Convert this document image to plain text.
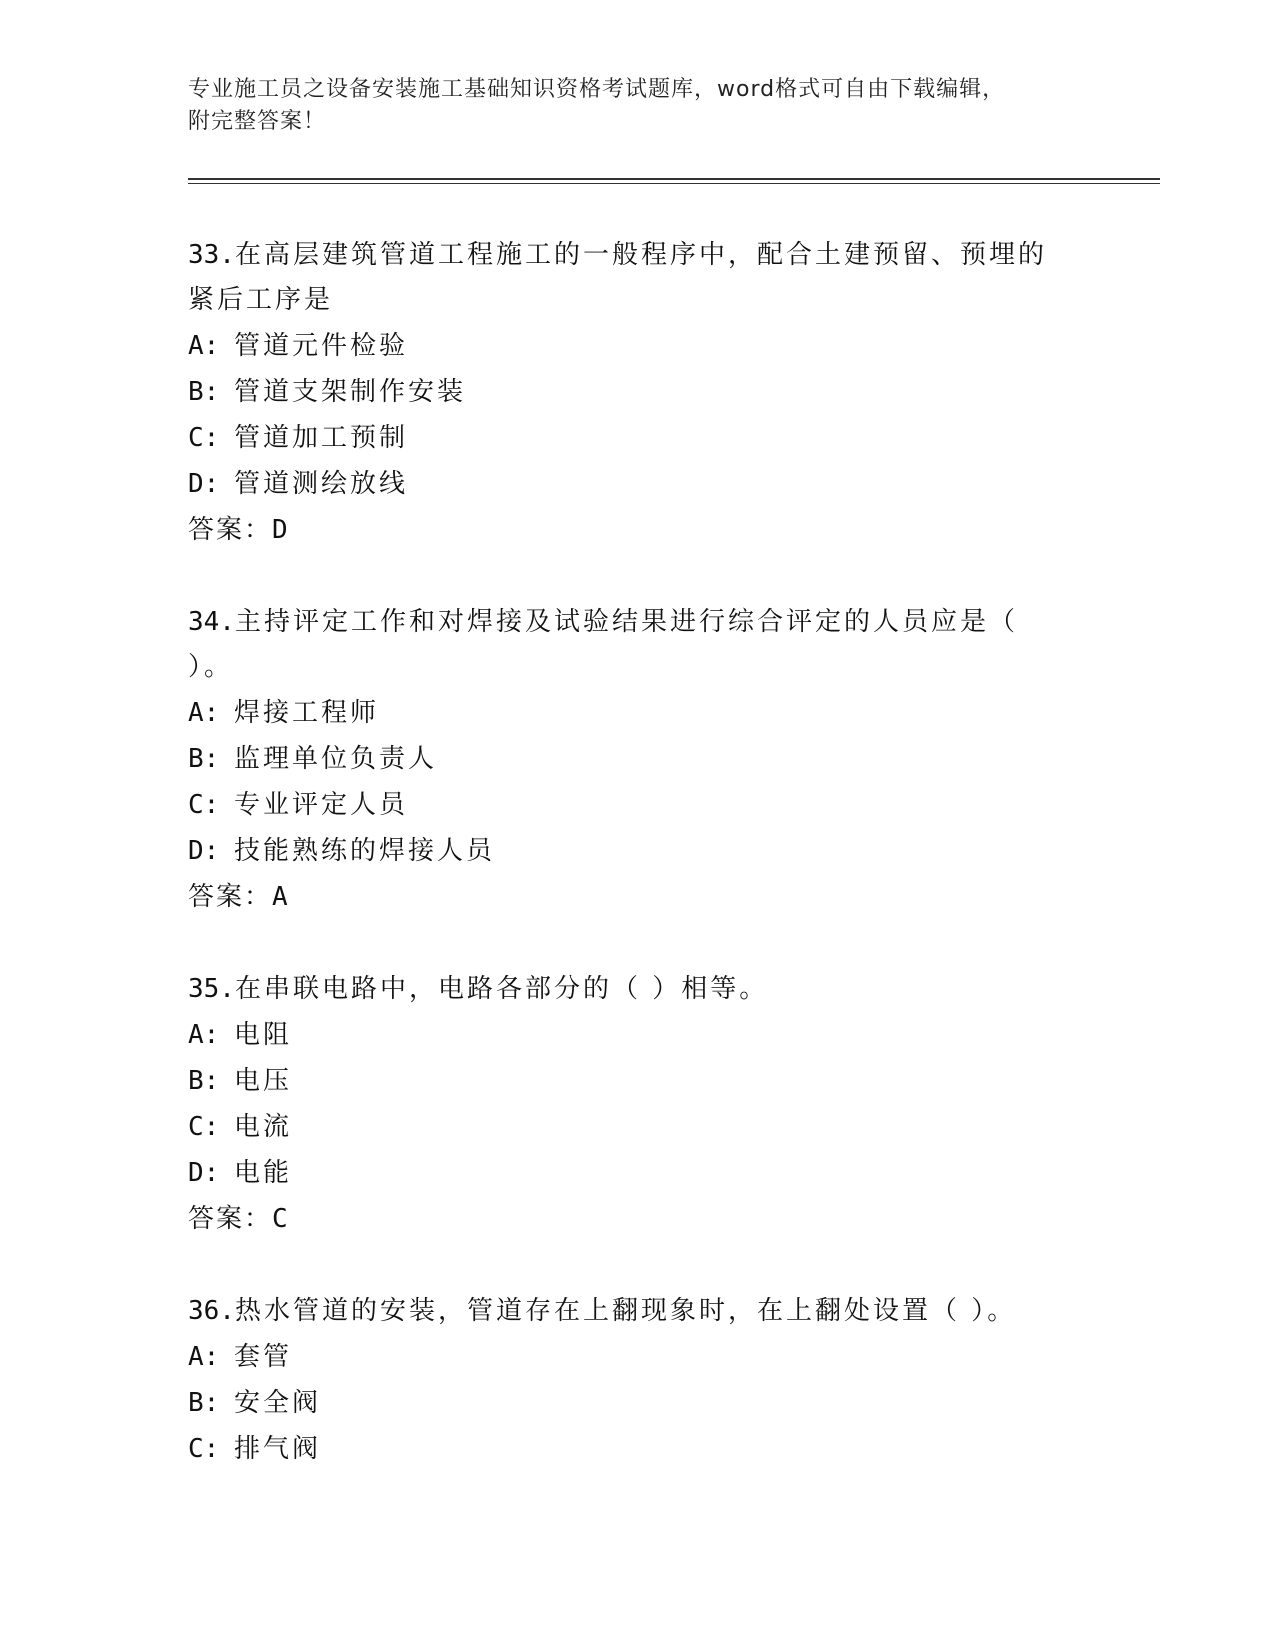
专业施工员之设备安装施工基础知识资格考试题库，word格式可自由下载编辑，
附完整答案！

33.在高层建筑管道工程施工的一般程序中，配合土建预留、预埋的紧后工序是

A: 管道元件检验

B: 管道支架制作安装

C: 管道加工预制

D: 管道测绘放线

答案：D

34.主持评定工作和对焊接及试验结果进行综合评定的人员应是（ ）。

A: 焊接工程师

B: 监理单位负责人

C: 专业评定人员

D: 技能熟练的焊接人员

答案：A

35.在串联电路中，电路各部分的（ ）相等。

A: 电阻

B: 电压

C: 电流

D: 电能

答案：C

36.热水管道的安装，管道存在上翻现象时，在上翻处设置（ ）。

A: 套管

B: 安全阀

C: 排气阀
